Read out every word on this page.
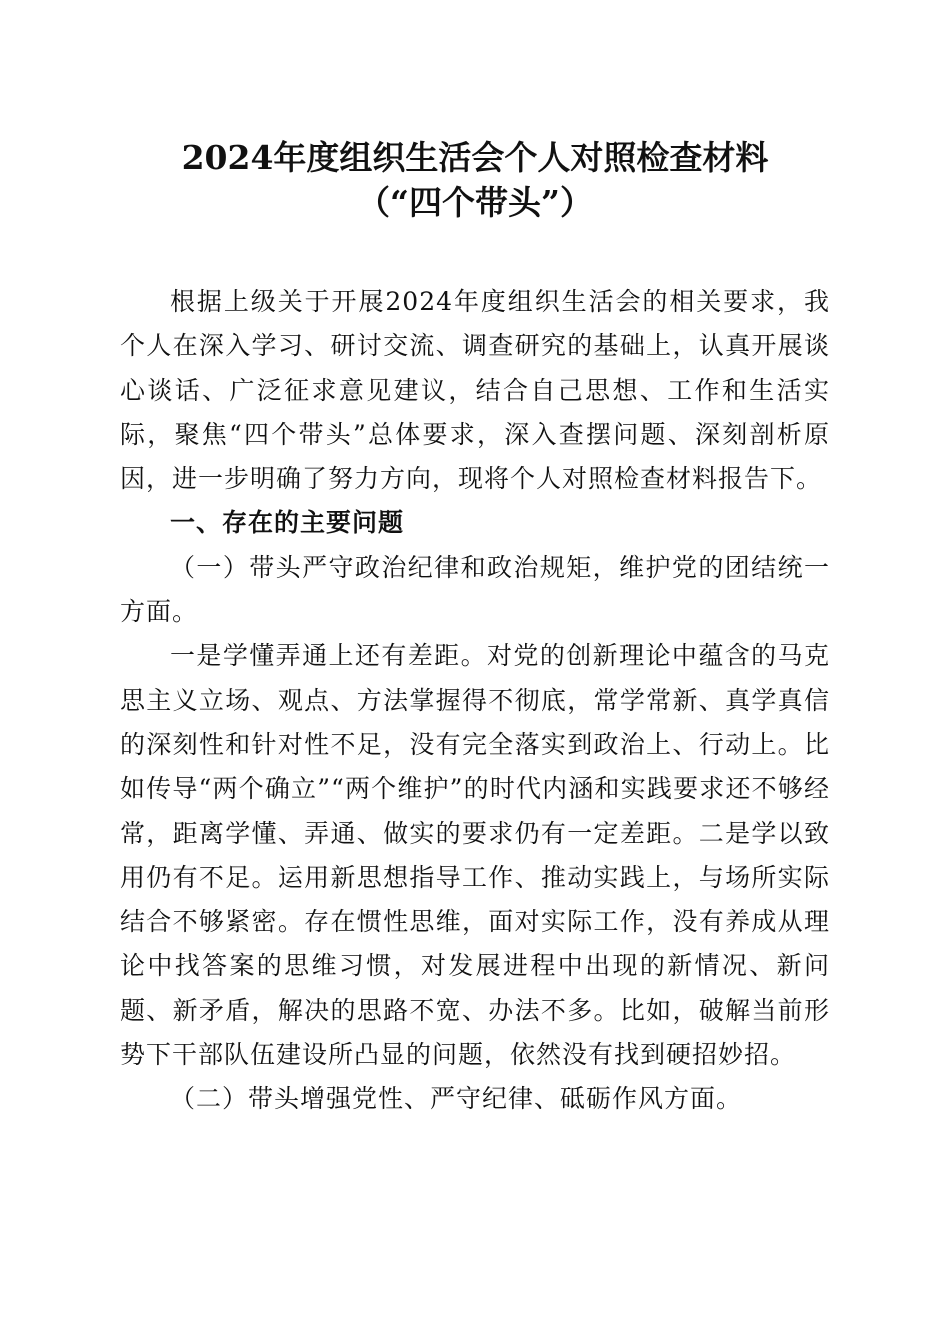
2024年度组织生活会个人对照检查材料
（“四个带头”）

根据上级关于开展2024年度组织生活会的相关要求，我个人在深入学习、研讨交流、调查研究的基础上，认真开展谈心谈话、广泛征求意见建议，结合自己思想、工作和生活实际，聚焦“四个带头”总体要求，深入查摆问题、深刻剖析原因，进一步明确了努力方向，现将个人对照检查材料报告下。

一、存在的主要问题

（一）带头严守政治纪律和政治规矩，维护党的团结统一方面。

一是学懂弄通上还有差距。对党的创新理论中蕴含的马克思主义立场、观点、方法掌握得不彻底，常学常新、真学真信的深刻性和针对性不足，没有完全落实到政治上、行动上。比如传导“两个确立”“两个维护”的时代内涵和实践要求还不够经常，距离学懂、弄通、做实的要求仍有一定差距。二是学以致用仍有不足。运用新思想指导工作、推动实践上，与场所实际结合不够紧密。存在惯性思维，面对实际工作，没有养成从理论中找答案的思维习惯，对发展进程中出现的新情况、新问题、新矛盾，解决的思路不宽、办法不多。比如，破解当前形势下干部队伍建设所凸显的问题，依然没有找到硬招妙招。

（二）带头增强党性、严守纪律、砥砺作风方面。
